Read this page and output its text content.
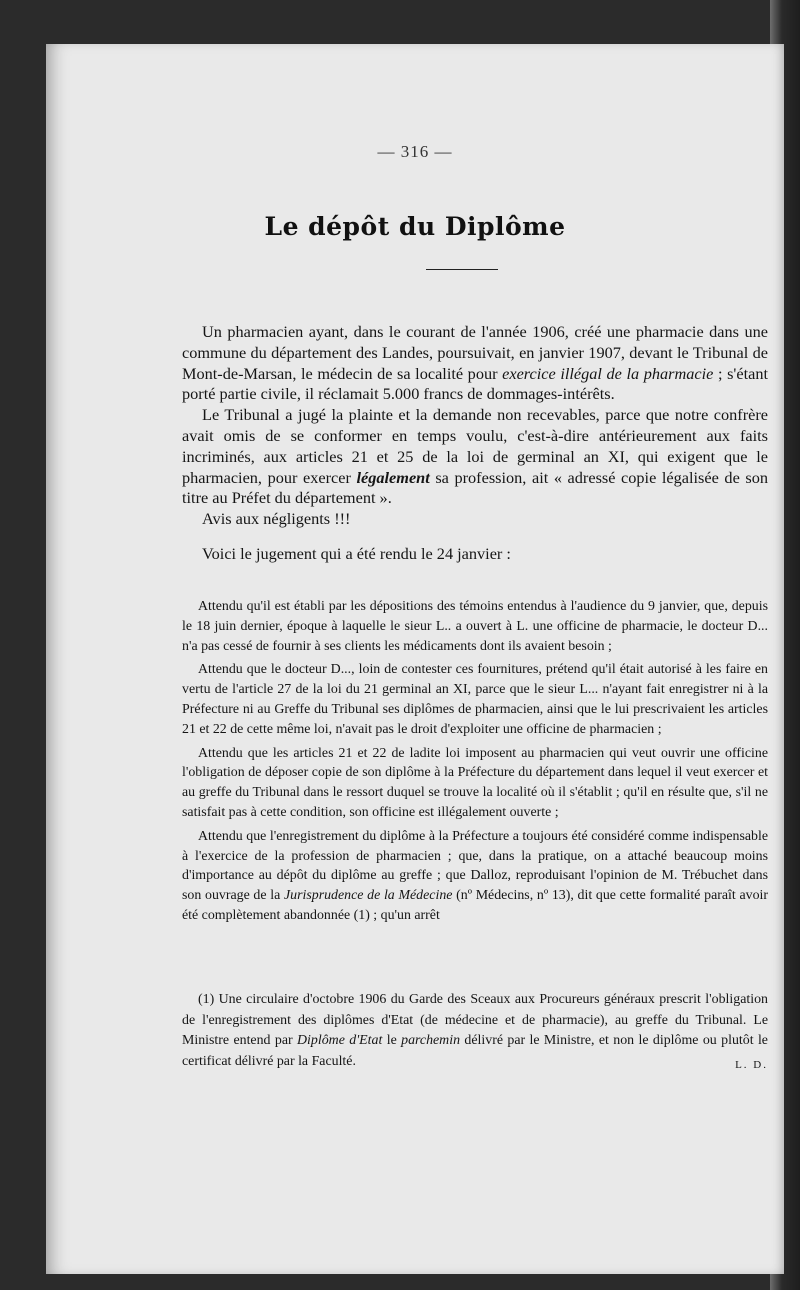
— 316 —
Le dépôt du Diplôme

Un pharmacien ayant, dans le courant de l'année 1906, créé une pharmacie dans une commune du département des Landes, poursuivait, en janvier 1907, devant le Tribunal de Mont-de-Marsan, le médecin de sa localité pour exercice illégal de la pharmacie ; s'étant porté partie civile, il réclamait 5.000 francs de dommages-intérêts.

Le Tribunal a jugé la plainte et la demande non recevables, parce que notre confrère avait omis de se conformer en temps voulu, c'est-à-dire antérieurement aux faits incriminés, aux articles 21 et 25 de la loi de germinal an XI, qui exigent que le pharmacien, pour exercer légalement sa profession, ait « adressé copie légalisée de son titre au Préfet du département ».

Avis aux négligents !!!

Voici le jugement qui a été rendu le 24 janvier :

Attendu qu'il est établi par les dépositions des témoins entendus à l'audience du 9 janvier, que, depuis le 18 juin dernier, époque à laquelle le sieur L.. a ouvert à L. une officine de pharmacie, le docteur D... n'a pas cessé de fournir à ses clients les médicaments dont ils avaient besoin ;

Attendu que le docteur D..., loin de contester ces fournitures, prétend qu'il était autorisé à les faire en vertu de l'article 27 de la loi du 21 germinal an XI, parce que le sieur L... n'ayant fait enregistrer ni à la Préfecture ni au Greffe du Tribunal ses diplômes de pharmacien, ainsi que le lui prescrivaient les articles 21 et 22 de cette même loi, n'avait pas le droit d'exploiter une officine de pharmacien ;

Attendu que les articles 21 et 22 de ladite loi imposent au pharmacien qui veut ouvrir une officine l'obligation de déposer copie de son diplôme à la Préfecture du département dans lequel il veut exercer et au greffe du Tribunal dans le ressort duquel se trouve la localité où il s'établit ; qu'il en résulte que, s'il ne satisfait pas à cette condition, son officine est illégalement ouverte ;

Attendu que l'enregistrement du diplôme à la Préfecture a toujours été considéré comme indispensable à l'exercice de la profession de pharmacien ; que, dans la pratique, on a attaché beaucoup moins d'importance au dépôt du diplôme au greffe ; que Dalloz, reproduisant l'opinion de M. Trébuchet dans son ouvrage de la Jurisprudence de la Médecine (nº Médecins, nº 13), dit que cette formalité paraît avoir été complètement abandonnée (1) ; qu'un arrêt

(1) Une circulaire d'octobre 1906 du Garde des Sceaux aux Procureurs généraux prescrit l'obligation de l'enregistrement des diplômes d'Etat (de médecine et de pharmacie), au greffe du Tribunal. Le Ministre entend par Diplôme d'Etat le parchemin délivré par le Ministre, et non le diplôme ou plutôt le certificat délivré par la Faculté.	L. D.
